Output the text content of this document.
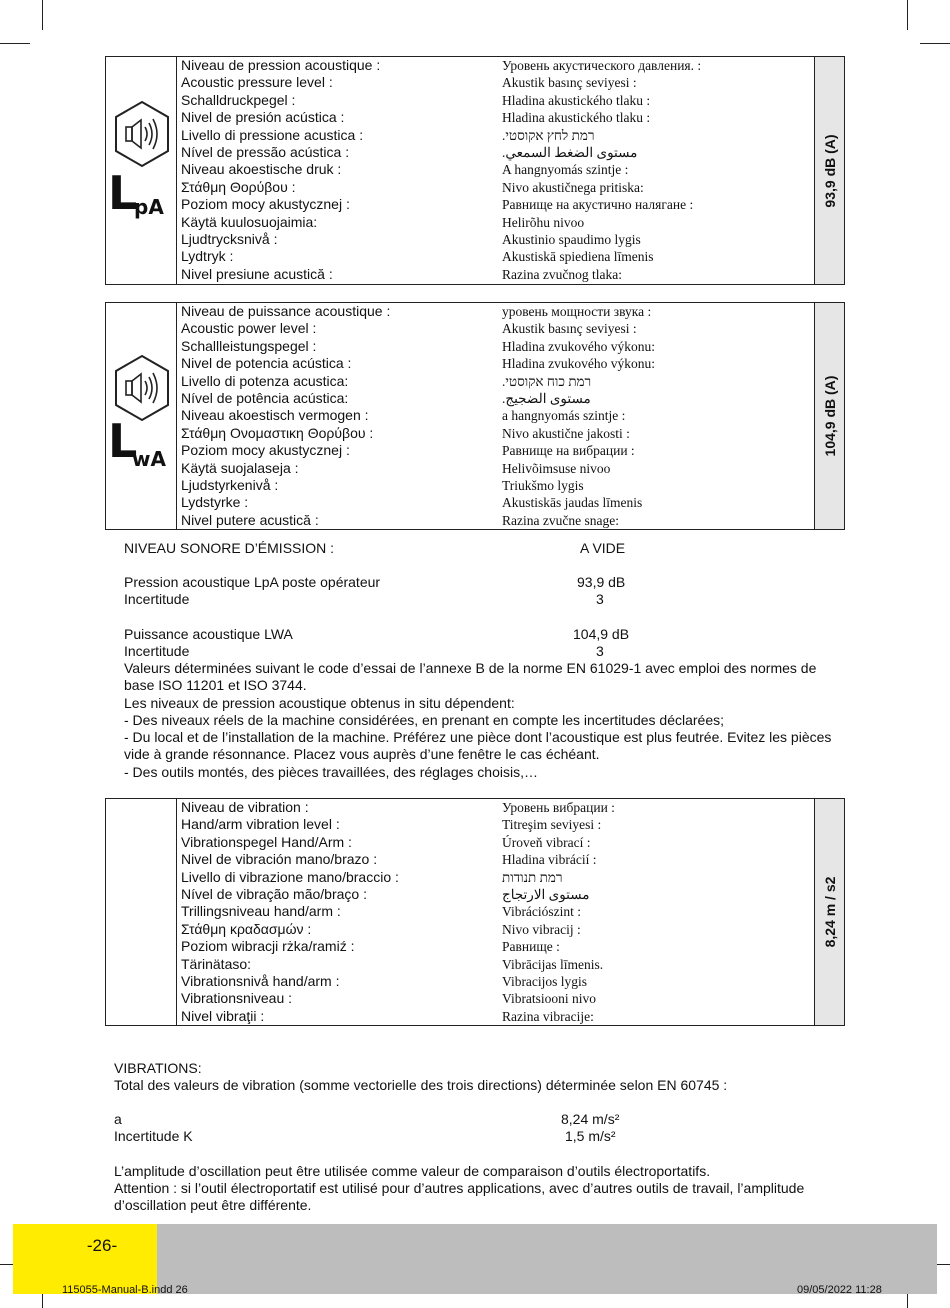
L
pA
Niveau de pression acoustique :	Уровень акустического давления. :
Acoustic pressure level :	Akustik basınç seviyesi :
Schalldruckpegel :	Hladina akustického tlaku :
Nivel de presión acústica :	Hladina akustického tlaku :
Livello di pressione acustica :	.רמת לחץ אקוסטי
Nível de pressão acústica :	.مستوى الضغط السمعي
Niveau akoestische druk :	A hangnyomás szintje :
Στάθμη Θορύβου :	Nivo akustičnega pritiska:
Poziom mocy akustycznej :	Равнище на акустично налягане :
Käytä kuulosuojaimia:	Helirõhu nivoo
Ljudtrycksnivå :	Akustinio spaudimo lygis
Lydtryk :	Akustiskā spiediena līmenis
Nivel presiune acustică :	Razina zvučnog tlaka:
93,9 dB (A)
L
wA
Niveau de puissance acoustique :	уровень мощности звука :
Acoustic power level :	Akustik basınç seviyesi :
Schallleistungspegel :	Hladina zvukového výkonu:
Nivel de potencia acústica :	Hladina zvukového výkonu:
Livello di potenza acustica:	.רמת כוח אקוסטי
Nível de potência acústica:	.مستوى الضجيج
Niveau akoestisch vermogen :	a hangnyomás szintje :
Στάθμη Ονομαστικη Θορύβου :	Nivo akustične jakosti :
Poziom mocy akustycznej :	Равнище на вибрации :
Käytä suojalaseja :	Helivõimsuse nivoo
Ljudstyrkenivå :	Triukšmo lygis
Lydstyrke :	Akustiskās jaudas līmenis
Nivel putere acustică :	Razina zvučne snage:
104,9 dB (A)
NIVEAU SONORE D’ÉMISSION :	A VIDE
Pression acoustique LpA poste opérateur	93,9 dB
Incertitude	3
Puissance acoustique LWA	104,9 dB
Incertitude	3
Valeurs déterminées suivant le code d’essai de l’annexe B de la norme EN 61029-1 avec emploi des normes de base ISO 11201 et ISO 3744.
Les niveaux de pression acoustique obtenus in situ dépendent:
- Des niveaux réels de la machine considérées, en prenant en compte les incertitudes déclarées;
- Du local et de l’installation de la machine. Préférez une pièce dont l’acoustique est plus feutrée. Evitez les pièces vide à grande résonnance. Placez vous auprès d’une fenêtre le cas échéant.
- Des outils montés, des pièces travaillées, des réglages choisis,…
Niveau de vibration :	Уровень вибрации :
Hand/arm vibration level :	Titreşim seviyesi :
Vibrationspegel Hand/Arm :	Úroveň vibrací :
Nivel de vibración mano/brazo :	Hladina vibrácií :
Livello di vibrazione mano/braccio :	רמת תנודות
Nível de vibração mão/braço :	مستوى الارتجاج
Trillingsniveau hand/arm :	Vibrációszint :
Στάθμη κραδασμών :	Nivo vibracij :
Poziom wibracji rżka/ramiź :	Равнище :
Tärinätaso:	Vibrācijas līmenis.
Vibrationsnivå hand/arm :	Vibracijos lygis
Vibrationsniveau :	Vibratsiooni nivo
Nivel vibraţii :	Razina vibracije:
8,24 m / s2
VIBRATIONS:
Total des valeurs de vibration (somme vectorielle des trois directions) déterminée selon EN 60745 :
a	8,24 m/s²
Incertitude K	1,5 m/s²
L’amplitude d’oscillation peut être utilisée comme valeur de comparaison d’outils électroportatifs.
Attention : si l’outil électroportatif est utilisé pour d’autres applications, avec d’autres outils de travail, l’amplitude d’oscillation peut être différente.
-26-
115055-Manual-B.indd 26	09/05/2022 11:28
